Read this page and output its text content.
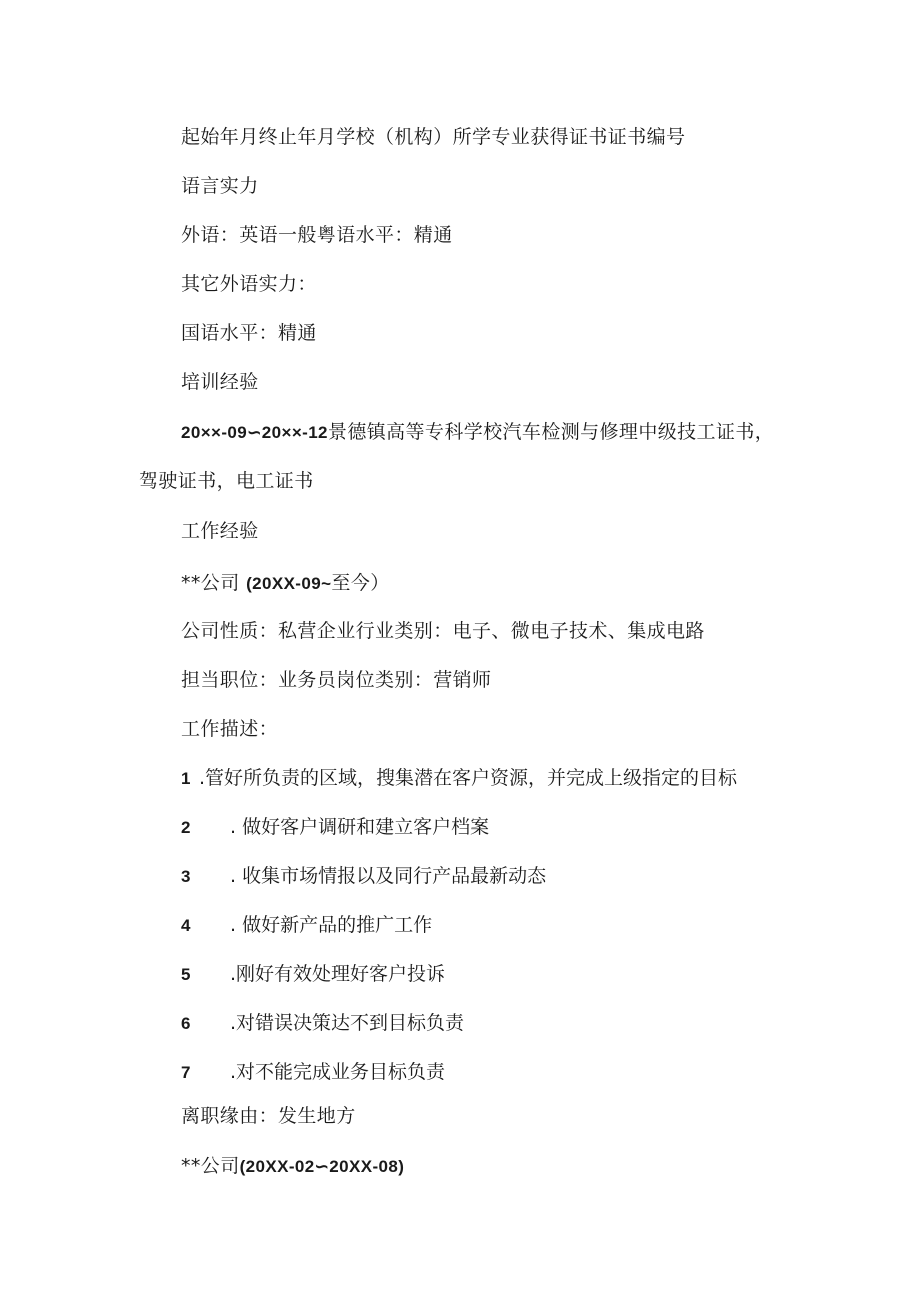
起始年月终止年月学校（机构）所学专业获得证书证书编号
语言实力
外语：英语一般粤语水平：精通
其它外语实力：
国语水平：精通
培训经验
20××-09∽20××-12景德镇高等专科学校汽车检测与修理中级技工证书，
驾驶证书，电工证书
工作经验
**公司 (20XX-09~至今）
公司性质：私营企业行业类别：电子、微电子技术、集成电路
担当职位：业务员岗位类别：营销师
工作描述：
1 .管好所负责的区域，搜集潜在客户资源，并完成上级指定的目标
2 . 做好客户调研和建立客户档案
3 . 收集市场情报以及同行产品最新动态
4 . 做好新产品的推广工作
5 .刚好有效处理好客户投诉
6 .对错误决策达不到目标负责
7 .对不能完成业务目标负责
离职缘由：发生地方
**公司(20XX-02∽20XX-08)
